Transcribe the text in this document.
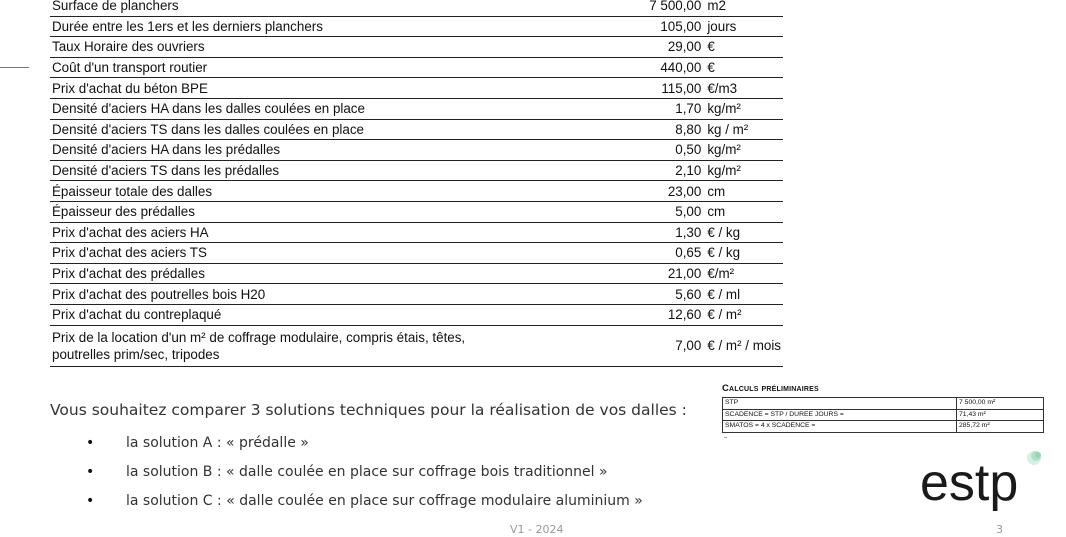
Surface de planchers	7 500,00	m2
Durée entre les 1ers et les derniers planchers	105,00	jours
Taux Horaire des ouvriers	29,00	€
Coût d'un transport routier	440,00	€
Prix d'achat du béton BPE	115,00	€/m3
Densité d'aciers HA dans les dalles coulées en place	1,70	kg/m²
Densité d'aciers TS dans les dalles coulées en place	8,80	kg / m²
Densité d'aciers HA dans les prédalles	0,50	kg/m²
Densité d'aciers TS dans les prédalles	2,10	kg/m²
Épaisseur totale des dalles	23,00	cm
Épaisseur des prédalles	5,00	cm
Prix d'achat des aciers HA	1,30	€ / kg
Prix d'achat des aciers TS	0,65	€ / kg
Prix d'achat des prédalles	21,00	€/m²
Prix d'achat des poutrelles bois H20	5,60	€ / ml
Prix d'achat du contreplaqué	12,60	€ / m²

Prix de la location d'un m² de coffrage modulaire, compris étais, têtes,
poutrelles prim/sec, tripodes	7,00	€ / m² / mois
Vous souhaitez comparer 3 solutions techniques pour la réalisation de vos dalles :
• la solution A : « prédalle »
• la solution B : « dalle coulée en place sur coffrage bois traditionnel »
• la solution C : « dalle coulée en place sur coffrage modulaire aluminium »
Calculs préliminaires
STP	7 500,00 m²
SCADENCE = STP / DUREE JOURS =	71,43 m²
SMATOS = 4 x SCADENCE =	285,72 m²
–
estp
V1 - 2024	3
